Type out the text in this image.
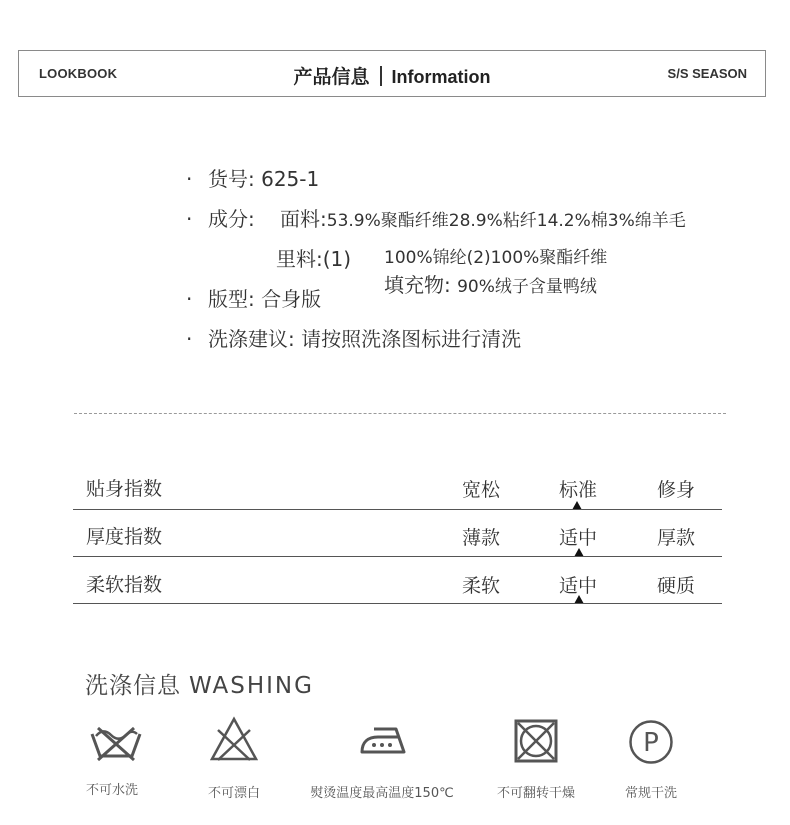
LOOKBOOK	产品信息 Information	S/S SEASON
· 货号: 625-1
· 成分: 面料:53.9%聚酯纤维28.9%粘纤14.2%棉3%绵羊毛
里料:(1) 100%锦纶(2)100%聚酯纤维
填充物: 90%绒子含量鸭绒
· 版型: 合身版
· 洗涤建议: 请按照洗涤图标进行清洗
贴身指数	宽松	标准	修身
厚度指数	薄款	适中	厚款
柔软指数	柔软	适中	硬质
洗涤信息 WASHING
不可水洗	不可漂白	熨烫温度最高温度150℃	不可翻转干燥
P
常规干洗
